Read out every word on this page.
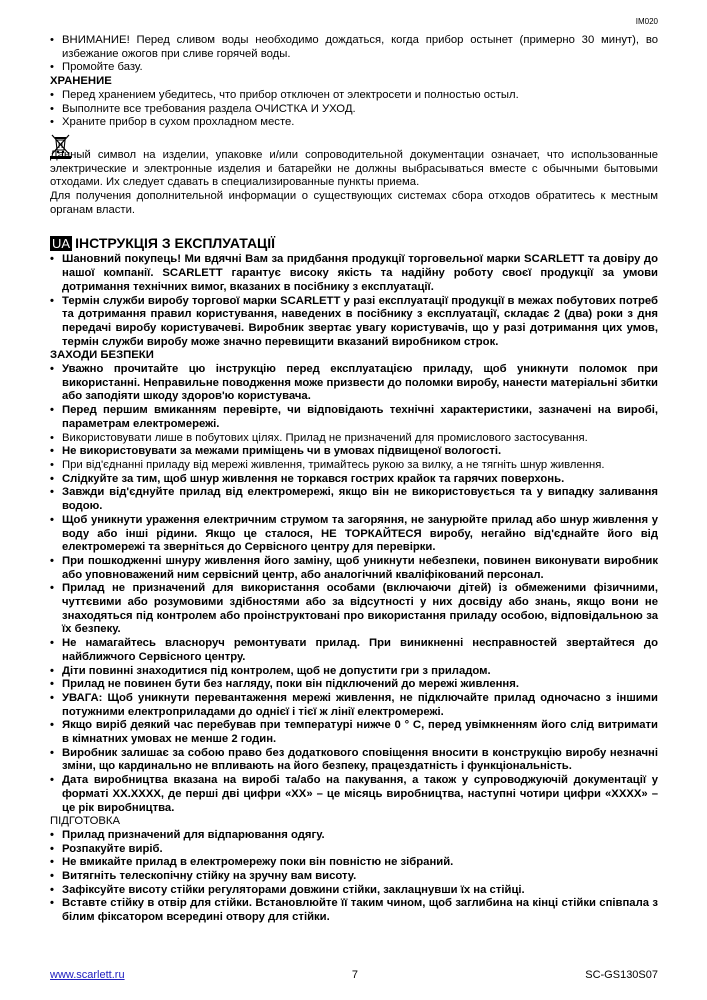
IM020
• ВНИМАНИЕ! Перед сливом воды необходимо дождаться, когда прибор остынет (примерно 30 минут), во избежание ожогов при сливе горячей воды.
• Промойте базу.
ХРАНЕНИЕ
• Перед хранением убедитесь, что прибор отключен от электросети и полностью остыл.
• Выполните все требования раздела ОЧИСТКА И УХОД.
• Храните прибор в сухом прохладном месте.

Данный символ на изделии, упаковке и/или сопроводительной документации означает, что использованные электрические и электронные изделия и батарейки не должны выбрасываться вместе с обычными бытовыми отходами. Их следует сдавать в специализированные пункты приема.

Для получения дополнительной информации о существующих системах сбора отходов обратитесь к местным органам власти.

UA ІНСТРУКЦІЯ З ЕКСПЛУАТАЦІЇ
• Шановний покупець! Ми вдячні Вам за придбання продукції торговельної марки SCARLETT та довіру до нашої компанії. SCARLETT гарантує високу якість та надійну роботу своєї продукції за умови дотримання технічних вимог, вказаних в посібнику з експлуатації.
• Термін служби виробу торгової марки SCARLETT у разі експлуатації продукції в межах побутових потреб та дотримання правил користування, наведених в посібнику з експлуатації, складає 2 (два) роки з дня передачі виробу користувачеві. Виробник звертає увагу користувачів, що у разі дотримання цих умов, термін служби виробу може значно перевищити вказаний виробником строк.
ЗАХОДИ БЕЗПЕКИ
• Уважно прочитайте цю інструкцію перед експлуатацією приладу, щоб уникнути поломок при використанні. Неправильне поводження може призвести до поломки виробу, нанести матеріальні збитки або заподіяти шкоду здоров'ю користувача.
• Перед першим вмиканням перевірте, чи відповідають технічні характеристики, зазначені на виробі, параметрам електромережі.
• Використовувати лише в побутових цілях. Прилад не призначений для промислового застосування.
• Не використовувати за межами приміщень чи в умовах підвищеної вологості.
• При від'єднанні приладу від мережі живлення, тримайтесь рукою за вилку, а не тягніть шнур живлення.
• Слідкуйте за тим, щоб шнур живлення не торкався гострих крайок та гарячих поверхонь.
• Завжди від'єднуйте прилад від електромережі, якщо він не використовується та у випадку заливання водою.
• Щоб уникнути ураження електричним струмом та загоряння, не занурюйте прилад або шнур живлення у воду або інші рідини. Якщо це сталося, НЕ ТОРКАЙТЕСЯ виробу, негайно від'єднайте його від електромережі та зверніться до Сервісного центру для перевірки.
• При пошкодженні шнуру живлення його заміну, щоб уникнути небезпеки, повинен виконувати виробник або уповноважений ним сервісний центр, або аналогічний кваліфікований персонал.
• Прилад не призначений для використання особами (включаючи дітей) із обмеженими фізичними, чуттєвими або розумовими здібностями або за відсутності у них досвіду або знань, якщо вони не знаходяться під контролем або проінструктовані про використання приладу особою, відповідальною за їх безпеку.
• Не намагайтесь власноруч ремонтувати прилад. При виникненні несправностей звертайтеся до найближчого Сервісного центру.
• Діти повинні знаходитися під контролем, щоб не допустити гри з приладом.
• Прилад не повинен бути без нагляду, поки він підключений до мережі живлення.
• УВАГА: Щоб уникнути перевантаження мережі живлення, не підключайте прилад одночасно з іншими потужними електроприладами до однієї і тієї ж лінії електромережі.
• Якщо виріб деякий час перебував при температурі нижче 0 ° С, перед увімкненням його слід витримати в кімнатних умовах не менше 2 годин.
• Виробник залишає за собою право без додаткового сповіщення вносити в конструкцію виробу незначні зміни, що кардинально не впливають на його безпеку, працездатність і функціональність.
• Дата виробництва вказана на виробі та/або на пакування, а також у супроводжуючій документації у форматі XX.XXXX, де перші дві цифри «XX» – це місяць виробництва, наступні чотири цифри «XXXX» – це рік виробництва.
ПІДГОТОВКА
• Прилад призначений для відпарювання одягу.
• Розпакуйте виріб.
• Не вмикайте прилад в електромережу поки він повністю не зібраний.
• Витягніть телескопічну стійку на зручну вам висоту.
• Зафіксуйте висоту стійки регуляторами довжини стійки, заклацнувши їх на стійці.
• Вставте стійку в отвір для стійки. Встановлюйте її таким чином, щоб заглибина на кінці стійки співпала з білим фіксатором всередині отвору для стійки.
www.scarlett.ru	7	SC-GS130S07
